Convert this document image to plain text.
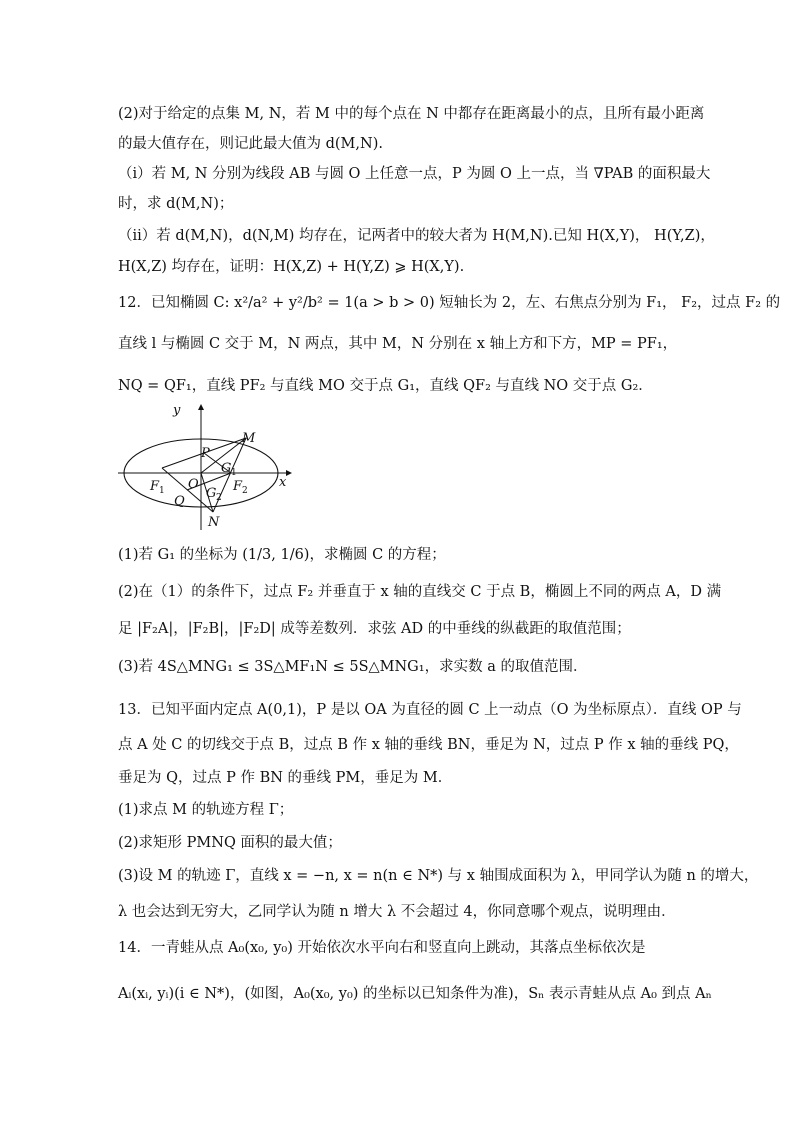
(2)对于给定的点集 M, N，若 M 中的每个点在 N 中都存在距离最小的点，且所有最小距离
的最大值存在，则记此最大值为 d(M,N).
（ⅰ）若 M, N 分别为线段 AB 与圆 O 上任意一点，P 为圆 O 上一点，当 ∇PAB 的面积最大
时，求 d(M,N)；
（ⅱ）若 d(M,N)，d(N,M) 均存在，记两者中的较大者为 H(M,N).已知 H(X,Y)， H(Y,Z)，
H(X,Z) 均存在，证明：H(X,Z) + H(Y,Z) ⩾ H(X,Y).
12．已知椭圆 C: x²/a² + y²/b² = 1(a > b > 0) 短轴长为 2，左、右焦点分别为 F₁， F₂，过点 F₂ 的
直线 l 与椭圆 C 交于 M，N 两点，其中 M，N 分别在 x 轴上方和下方，MP = PF₁，
NQ = QF₁，直线 PF₂ 与直线 MO 交于点 G₁，直线 QF₂ 与直线 NO 交于点 G₂．
y
x
M
P
G 1
F 1 O
G 2
F 2
Q
N
(1)若 G₁ 的坐标为 (1/3, 1/6)，求椭圆 C 的方程；
(2)在（1）的条件下，过点 F₂ 并垂直于 x 轴的直线交 C 于点 B，椭圆上不同的两点 A，D 满
足 |F₂A|，|F₂B|，|F₂D| 成等差数列．求弦 AD 的中垂线的纵截距的取值范围；
(3)若 4S△MNG₁ ≤ 3S△MF₁N ≤ 5S△MNG₁，求实数 a 的取值范围．
13．已知平面内定点 A(0,1)，P 是以 OA 为直径的圆 C 上一动点（O 为坐标原点）．直线 OP 与
点 A 处 C 的切线交于点 B，过点 B 作 x 轴的垂线 BN，垂足为 N，过点 P 作 x 轴的垂线 PQ，
垂足为 Q，过点 P 作 BN 的垂线 PM，垂足为 M．
(1)求点 M 的轨迹方程 Γ；
(2)求矩形 PMNQ 面积的最大值；
(3)设 M 的轨迹 Γ，直线 x = −n, x = n(n ∈ N*) 与 x 轴围成面积为 λ，甲同学认为随 n 的增大，
λ 也会达到无穷大，乙同学认为随 n 增大 λ 不会超过 4，你同意哪个观点，说明理由．
14．一青蛙从点 A₀(x₀, y₀) 开始依次水平向右和竖直向上跳动，其落点坐标依次是
Aᵢ(xᵢ, yᵢ)(i ∈ N*)，(如图，A₀(x₀, y₀) 的坐标以已知条件为准)，Sₙ 表示青蛙从点 A₀ 到点 Aₙ
